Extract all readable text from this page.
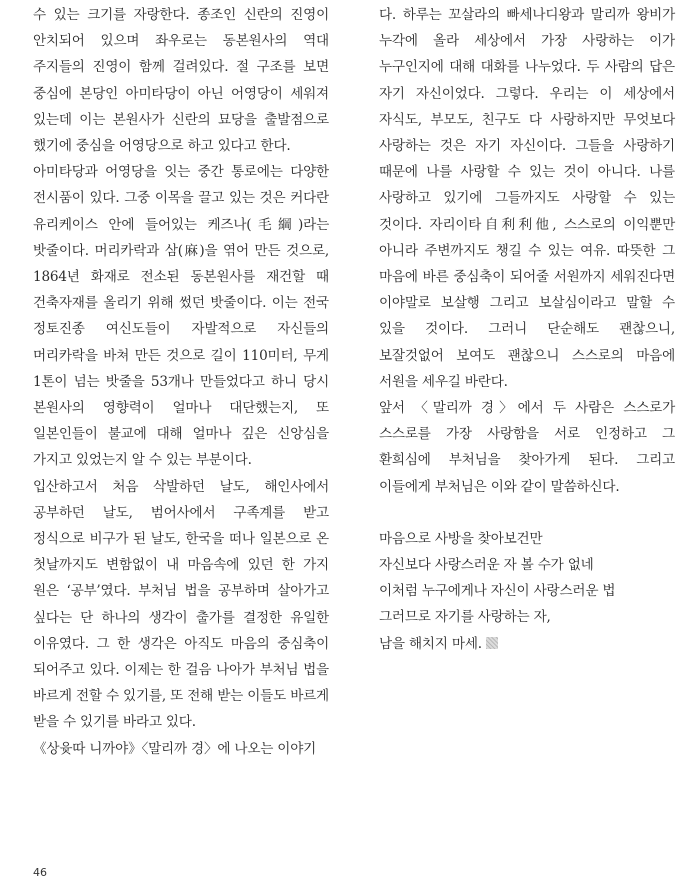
수 있는 크기를 자랑한다. 종조인 신란의 진영이 안치되어 있으며 좌우로는 동본원사의 역대 주지들의 진영이 함께 걸려있다. 절 구조를 보면 중심에 본당인 아미타당이 아닌 어영당이 세워져 있는데 이는 본원사가 신란의 묘당을 출발점으로 했기에 중심을 어영당으로 하고 있다고 한다.

아미타당과 어영당을 잇는 중간 통로에는 다양한 전시품이 있다. 그중 이목을 끌고 있는 것은 커다란 유리케이스 안에 들어있는 케즈나(毛綱)라는 밧줄이다. 머리카락과 삼(麻)을 엮어 만든 것으로, 1864년 화재로 전소된 동본원사를 재건할 때 건축자재를 올리기 위해 썼던 밧줄이다. 이는 전국 정토진종 여신도들이 자발적으로 자신들의 머리카락을 바쳐 만든 것으로 길이 110미터, 무게 1톤이 넘는 밧줄을 53개나 만들었다고 하니 당시 본원사의 영향력이 얼마나 대단했는지, 또 일본인들이 불교에 대해 얼마나 깊은 신앙심을 가지고 있었는지 알 수 있는 부분이다.

입산하고서 처음 삭발하던 날도, 해인사에서 공부하던 날도, 범어사에서 구족계를 받고 정식으로 비구가 된 날도, 한국을 떠나 일본으로 온 첫날까지도 변함없이 내 마음속에 있던 한 가지 원은 ‘공부’였다. 부처님 법을 공부하며 살아가고 싶다는 단 하나의 생각이 출가를 결정한 유일한 이유였다. 그 한 생각은 아직도 마음의 중심축이 되어주고 있다. 이제는 한 걸음 나아가 부처님 법을 바르게 전할 수 있기를, 또 전해 받는 이들도 바르게 받을 수 있기를 바라고 있다.

《상윳따 니까야》〈말리까 경〉에 나오는 이야기

다. 하루는 꼬살라의 빠세나디왕과 말리까 왕비가 누각에 올라 세상에서 가장 사랑하는 이가 누구인지에 대해 대화를 나누었다. 두 사람의 답은 자기 자신이었다. 그렇다. 우리는 이 세상에서 자식도, 부모도, 친구도 다 사랑하지만 무엇보다 사랑하는 것은 자기 자신이다. 그들을 사랑하기 때문에 나를 사랑할 수 있는 것이 아니다. 나를 사랑하고 있기에 그들까지도 사랑할 수 있는 것이다. 자리이타自利利他, 스스로의 이익뿐만 아니라 주변까지도 챙길 수 있는 여유. 따뜻한 그 마음에 바른 중심축이 되어줄 서원까지 세워진다면 이야말로 보살행 그리고 보살심이라고 말할 수 있을 것이다. 그러니 단순해도 괜찮으니, 보잘것없어 보여도 괜찮으니 스스로의 마음에 서원을 세우길 바란다.

앞서 〈말리까 경〉에서 두 사람은 스스로가 스스로를 가장 사랑함을 서로 인정하고 그 환희심에 부처님을 찾아가게 된다. 그리고 이들에게 부처님은 이와 같이 말씀하신다.

마음으로 사방을 찾아보건만
자신보다 사랑스러운 자 볼 수가 없네
이처럼 누구에게나 자신이 사랑스러운 법
그러므로 자기를 사랑하는 자,
남을 해치지 마세.
46
